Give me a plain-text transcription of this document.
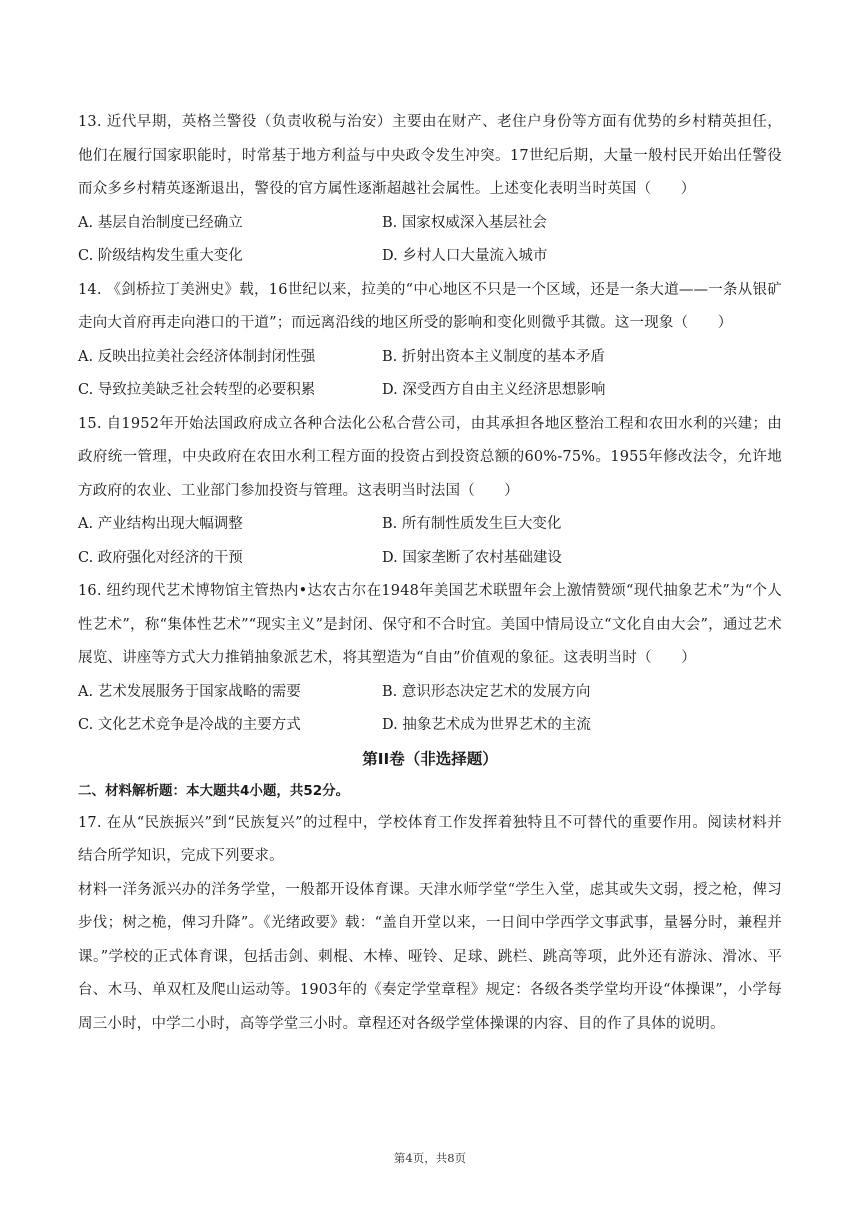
13. 近代早期，英格兰警役（负责收税与治安）主要由在财产、老住户身份等方面有优势的乡村精英担任，他们在履行国家职能时，时常基于地方利益与中央政令发生冲突。17世纪后期，大量一般村民开始出任警役而众多乡村精英逐渐退出，警役的官方属性逐渐超越社会属性。上述变化表明当时英国（　　）

A. 基层自治制度已经确立	B. 国家权威深入基层社会
C. 阶级结构发生重大变化	D. 乡村人口大量流入城市

14. 《剑桥拉丁美洲史》载，16世纪以来，拉美的“中心地区不只是一个区域，还是一条大道——一条从银矿走向大首府再走向港口的干道”；而远离沿线的地区所受的影响和变化则微乎其微。这一现象（　　）

A. 反映出拉美社会经济体制封闭性强	B. 折射出资本主义制度的基本矛盾
C. 导致拉美缺乏社会转型的必要积累	D. 深受西方自由主义经济思想影响

15. 自1952年开始法国政府成立各种合法化公私合营公司，由其承担各地区整治工程和农田水利的兴建；由政府统一管理，中央政府在农田水利工程方面的投资占到投资总额的60%-75%。1955年修改法令，允许地方政府的农业、工业部门参加投资与管理。这表明当时法国（　　）

A. 产业结构出现大幅调整	B. 所有制性质发生巨大变化
C. 政府强化对经济的干预	D. 国家垄断了农村基础建设

16. 纽约现代艺术博物馆主管热内•达农古尔在1948年美国艺术联盟年会上激情赞颂“现代抽象艺术”为“个人性艺术”，称“集体性艺术”“现实主义”是封闭、保守和不合时宜。美国中情局设立“文化自由大会”，通过艺术展览、讲座等方式大力推销抽象派艺术，将其塑造为“自由”价值观的象征。这表明当时（　　）

A. 艺术发展服务于国家战略的需要	B. 意识形态决定艺术的发展方向
C. 文化艺术竞争是冷战的主要方式	D. 抽象艺术成为世界艺术的主流

第II卷（非选择题）

二、材料解析题：本大题共4小题，共52分。

17. 在从“民族振兴”到“民族复兴”的过程中，学校体育工作发挥着独特且不可替代的重要作用。阅读材料并结合所学知识，完成下列要求。

材料一洋务派兴办的洋务学堂，一般都开设体育课。天津水师学堂“学生入堂，虑其或失文弱，授之枪，俾习步伐；树之桅，俾习升降”。《光绪政要》载：“盖自开堂以来，一日间中学西学文事武事，量晷分时，兼程并课。”学校的正式体育课，包括击剑、刺棍、木棒、哑铃、足球、跳栏、跳高等项，此外还有游泳、滑冰、平台、木马、单双杠及爬山运动等。1903年的《奏定学堂章程》规定：各级各类学堂均开设“体操课”，小学每周三小时，中学二小时，高等学堂三小时。章程还对各级学堂体操课的内容、目的作了具体的说明。

第4页，共8页
